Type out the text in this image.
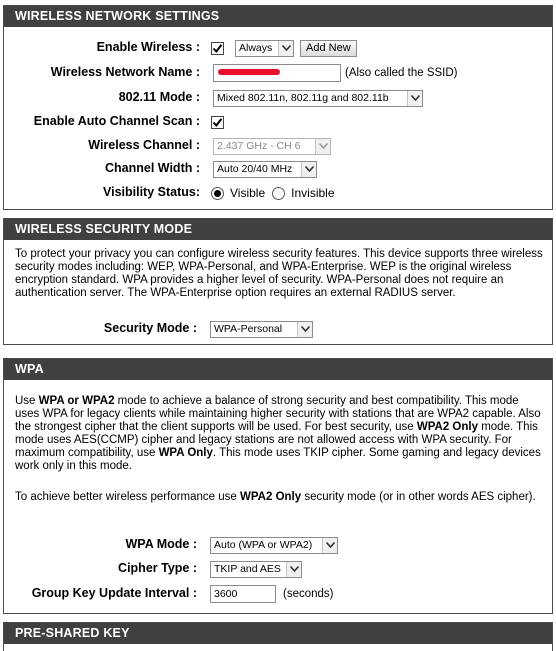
WIRELESS NETWORK SETTINGS
Enable Wireless :	Always	Add New
Wireless Network Name :	(Also called the SSID)
802.11 Mode : Mixed 802.11n, 802.11g and 802.11b
Enable Auto Channel Scan :
Wireless Channel : 2.437 GHz - CH 6
Channel Width : Auto 20/40 MHz
Visibility Status:	Visible Invisible
WIRELESS SECURITY MODE

To protect your privacy you can configure wireless security features. This device supports three wireless security modes including: WEP, WPA-Personal, and WPA-Enterprise. WEP is the original wireless encryption standard. WPA provides a higher level of security. WPA-Personal does not require an authentication server. The WPA-Enterprise option requires an external RADIUS server.

Security Mode : WPA-Personal
WPA

Use WPA or WPA2 mode to achieve a balance of strong security and best compatibility. This mode uses WPA for legacy clients while maintaining higher security with stations that are WPA2 capable. Also the strongest cipher that the client supports will be used. For best security, use WPA2 Only mode. This mode uses AES(CCMP) cipher and legacy stations are not allowed access with WPA security. For maximum compatibility, use WPA Only. This mode uses TKIP cipher. Some gaming and legacy devices work only in this mode.

To achieve better wireless performance use WPA2 Only security mode (or in other words AES cipher).

WPA Mode : Auto (WPA or WPA2)
Cipher Type : TKIP and AES
Group Key Update Interval :	3600	(seconds)
PRE-SHARED KEY
